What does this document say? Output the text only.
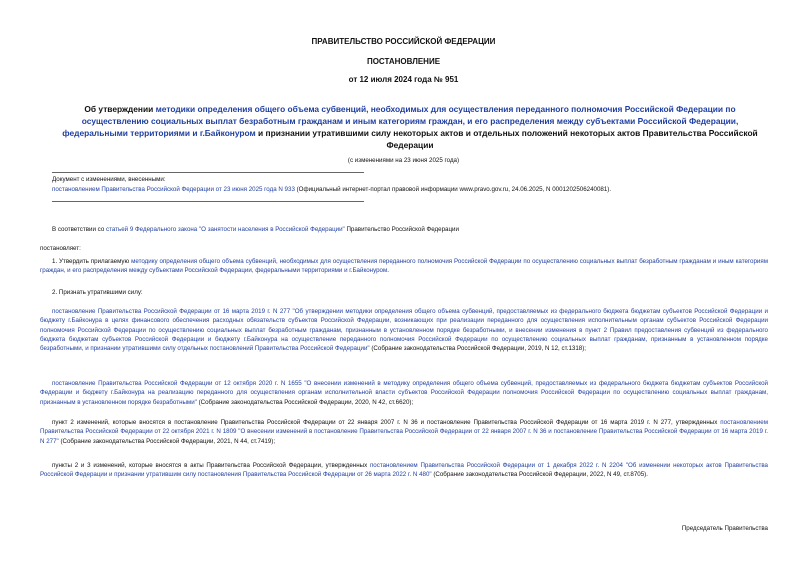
ПРАВИТЕЛЬСТВО РОССИЙСКОЙ ФЕДЕРАЦИИ
ПОСТАНОВЛЕНИЕ
от 12 июля 2024 года № 951
Об утверждении методики определения общего объема субвенций, необходимых для осуществления переданного полномочия Российской Федерации по осуществлению социальных выплат безработным гражданам и иным категориям граждан, и его распределения между субъектами Российской Федерации, федеральными территориями и г.Байконуром и признании утратившими силу некоторых актов и отдельных положений некоторых актов Правительства Российской Федерации
(с изменениями на 23 июня 2025 года)
Документ с изменениями, внесенными:
постановлением Правительства Российской Федерации от 23 июня 2025 года N 933 (Официальный интернет-портал правовой информации www.pravo.gov.ru, 24.06.2025, N 0001202506240081).
В соответствии со статьей 9 Федерального закона "О занятости населения в Российской Федерации" Правительство Российской Федерации
постановляет:
1. Утвердить прилагаемую методику определения общего объема субвенций, необходимых для осуществления переданного полномочия Российской Федерации по осуществлению социальных выплат безработным гражданам и иным категориям граждан, и его распределения между субъектами Российской Федерации, федеральными территориями и г.Байконуром.
2. Признать утратившими силу:
постановление Правительства Российской Федерации от 16 марта 2019 г. N 277 "Об утверждении методики определения общего объема субвенций, предоставляемых из федерального бюджета бюджетам субъектов Российской Федерации и бюджету г.Байконура в целях финансового обеспечения расходных обязательств субъектов Российской Федерации, возникающих при реализации переданного для осуществления исполнительным органам субъектов Российской Федерации полномочия Российской Федерации по осуществлению социальных выплат безработным гражданам, признанным в установленном порядке безработными, и внесении изменения в пункт 2 Правил предоставления субвенций из федерального бюджета бюджетам субъектов Российской Федерации и бюджету г.Байконура на осуществление переданного полномочия Российской Федерации по осуществлению социальных выплат гражданам, признанным в установленном порядке безработными, и признании утратившими силу отдельных постановлений Правительства Российской Федерации" (Собрание законодательства Российской Федерации, 2019, N 12, ст.1318);
постановление Правительства Российской Федерации от 12 октября 2020 г. N 1655 "О внесении изменений в методику определения общего объема субвенций, предоставляемых из федерального бюджета бюджетам субъектов Российской Федерации и бюджету г.Байконура на реализацию переданного для осуществления органам исполнительной власти субъектов Российской Федерации полномочия Российской Федерации по осуществлению социальных выплат гражданам, признанным в установленном порядке безработными" (Собрание законодательства Российской Федерации, 2020, N 42, ст.6620);
пункт 2 изменений, которые вносятся в постановление Правительства Российской Федерации от 22 января 2007 г. N 36 и постановление Правительства Российской Федерации от 16 марта 2019 г. N 277, утвержденных постановлением Правительства Российской Федерации от 22 октября 2021 г. N 1809 "О внесении изменений в постановление Правительства Российской Федерации от 22 января 2007 г. N 36 и постановление Правительства Российской Федерации от 16 марта 2019 г. N 277" (Собрание законодательства Российской Федерации, 2021, N 44, ст.7419);
пункты 2 и 3 изменений, которые вносятся в акты Правительства Российской Федерации, утвержденных постановлением Правительства Российской Федерации от 1 декабря 2022 г. N 2204 "Об изменении некоторых актов Правительства Российской Федерации и признании утратившим силу постановления Правительства Российской Федерации от 26 марта 2022 г. N 480" (Собрание законодательства Российской Федерации, 2022, N 49, ст.8705).
Председатель Правительства
